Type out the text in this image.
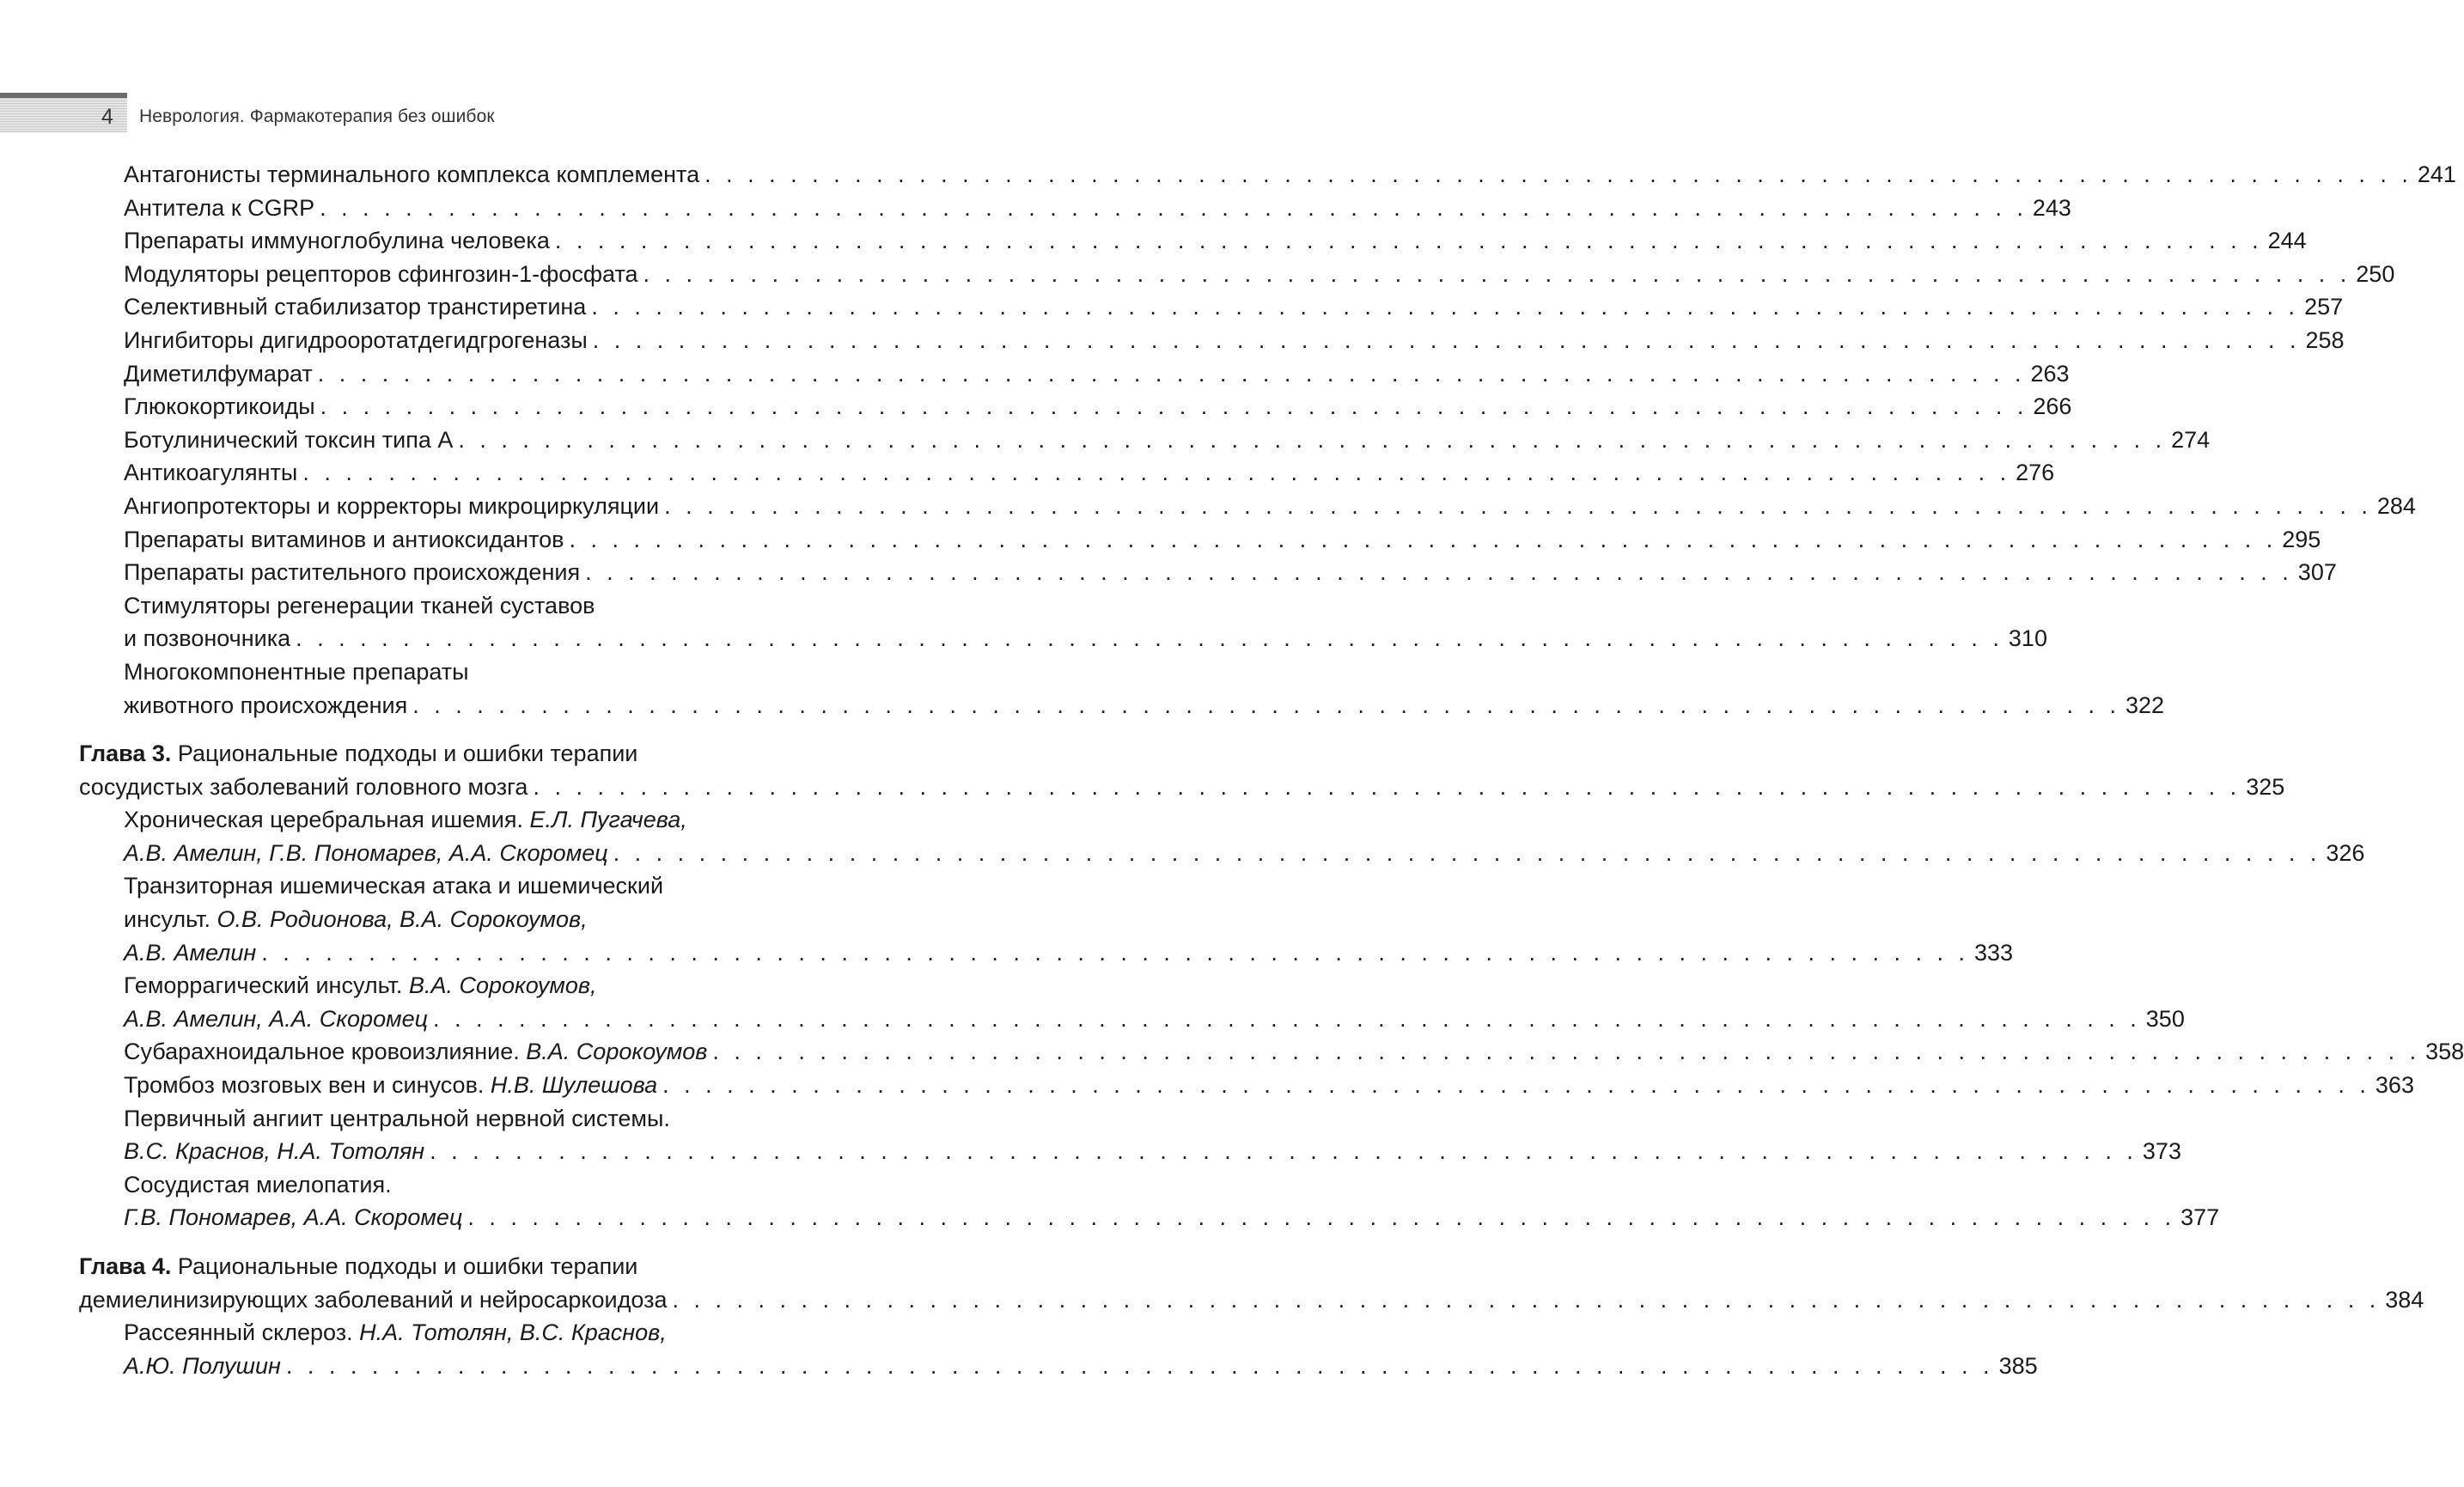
4 Неврология. Фармакотерапия без ошибок
Антагонисты терминального комплекса комплемента . . . . . . . . . . . . . . . . . . . . . . . . . . . . . . . . . . . . . . . . . . . . . . . . . . . . . . . . . . . . . . . . . . . . . . . . . . . . . . . . 241
Антитела к CGRP . . . . . . . . . . . . . . . . . . . . . . . . . . . . . . . . . . . . . . . . . . . . . . . . . . . . . . . . . . . . . . . . . . . . . . . . . . . . . . . . 243
Препараты иммуноглобулина человека . . . . . . . . . . . . . . . . . . . . . . . . . . . . . . . . . . . . . . . . . . . . . . . . . . . . . . . . . . . . . . . . . . . . . . . . . . . . . . . . 244
Модуляторы рецепторов сфингозин-1-фосфата . . . . . . . . . . . . . . . . . . . . . . . . . . . . . . . . . . . . . . . . . . . . . . . . . . . . . . . . . . . . . . . . . . . . . . . . . . . . . . . . 250
Селективный стабилизатор транстиретина . . . . . . . . . . . . . . . . . . . . . . . . . . . . . . . . . . . . . . . . . . . . . . . . . . . . . . . . . . . . . . . . . . . . . . . . . . . . . . . . 257
Ингибиторы дигидрооротатдегидгрогеназы . . . . . . . . . . . . . . . . . . . . . . . . . . . . . . . . . . . . . . . . . . . . . . . . . . . . . . . . . . . . . . . . . . . . . . . . . . . . . . . . 258
Диметилфумарат . . . . . . . . . . . . . . . . . . . . . . . . . . . . . . . . . . . . . . . . . . . . . . . . . . . . . . . . . . . . . . . . . . . . . . . . . . . . . . . . 263
Глюкокортикоиды . . . . . . . . . . . . . . . . . . . . . . . . . . . . . . . . . . . . . . . . . . . . . . . . . . . . . . . . . . . . . . . . . . . . . . . . . . . . . . . . 266
Ботулинический токсин типа А . . . . . . . . . . . . . . . . . . . . . . . . . . . . . . . . . . . . . . . . . . . . . . . . . . . . . . . . . . . . . . . . . . . . . . . . . . . . . . . . 274
Антикоагулянты . . . . . . . . . . . . . . . . . . . . . . . . . . . . . . . . . . . . . . . . . . . . . . . . . . . . . . . . . . . . . . . . . . . . . . . . . . . . . . . . 276
Ангиопротекторы и корректоры микроциркуляции . . . . . . . . . . . . . . . . . . . . . . . . . . . . . . . . . . . . . . . . . . . . . . . . . . . . . . . . . . . . . . . . . . . . . . . . . . . . . . . . 284
Препараты витаминов и антиоксидантов . . . . . . . . . . . . . . . . . . . . . . . . . . . . . . . . . . . . . . . . . . . . . . . . . . . . . . . . . . . . . . . . . . . . . . . . . . . . . . . . 295
Препараты растительного происхождения . . . . . . . . . . . . . . . . . . . . . . . . . . . . . . . . . . . . . . . . . . . . . . . . . . . . . . . . . . . . . . . . . . . . . . . . . . . . . . . . 307
Стимуляторы регенерации тканей суставов
и позвоночника . . . . . . . . . . . . . . . . . . . . . . . . . . . . . . . . . . . . . . . . . . . . . . . . . . . . . . . . . . . . . . . . . . . . . . . . . . . . . . . . 310
Многокомпонентные препараты
животного происхождения . . . . . . . . . . . . . . . . . . . . . . . . . . . . . . . . . . . . . . . . . . . . . . . . . . . . . . . . . . . . . . . . . . . . . . . . . . . . . . . . 322
Глава 3. Рациональные подходы и ошибки терапии
сосудистых заболеваний головного мозга . . . . . . . . . . . . . . . . . . . . . . . . . . . . . . . . . . . . . . . . . . . . . . . . . . . . . . . . . . . . . . . . . . . . . . . . . . . . . . . . 325
Хроническая церебральная ишемия. Е.Л. Пугачева,
А.В. Амелин, Г.В. Пономарев, А.А. Скоромец . . . . . . . . . . . . . . . . . . . . . . . . . . . . . . . . . . . . . . . . . . . . . . . . . . . . . . . . . . . . . . . . . . . . . . . . . . . . . . . . 326
Транзиторная ишемическая атака и ишемический
инсульт. О.В. Родионова, В.А. Сорокоумов,
А.В. Амелин . . . . . . . . . . . . . . . . . . . . . . . . . . . . . . . . . . . . . . . . . . . . . . . . . . . . . . . . . . . . . . . . . . . . . . . . . . . . . . . . 333
Геморрагический инсульт. В.А. Сорокоумов,
А.В. Амелин, А.А. Скоромец . . . . . . . . . . . . . . . . . . . . . . . . . . . . . . . . . . . . . . . . . . . . . . . . . . . . . . . . . . . . . . . . . . . . . . . . . . . . . . . . 350
Субарахноидальное кровоизлияние. В.А. Сорокоумов . . . . . . . . . . . . . . . . . . . . . . . . . . . . . . . . . . . . . . . . . . . . . . . . . . . . . . . . . . . . . . . . . . . . . . . . . . . . . . . . 358
Тромбоз мозговых вен и синусов. Н.В. Шулешова . . . . . . . . . . . . . . . . . . . . . . . . . . . . . . . . . . . . . . . . . . . . . . . . . . . . . . . . . . . . . . . . . . . . . . . . . . . . . . . . 363
Первичный ангиит центральной нервной системы.
В.С. Краснов, Н.А. Тотолян . . . . . . . . . . . . . . . . . . . . . . . . . . . . . . . . . . . . . . . . . . . . . . . . . . . . . . . . . . . . . . . . . . . . . . . . . . . . . . . . 373
Сосудистая миелопатия.
Г.В. Пономарев, А.А. Скоромец . . . . . . . . . . . . . . . . . . . . . . . . . . . . . . . . . . . . . . . . . . . . . . . . . . . . . . . . . . . . . . . . . . . . . . . . . . . . . . . . 377
Глава 4. Рациональные подходы и ошибки терапии
демиелинизирующих заболеваний и нейросаркоидоза . . . . . . . . . . . . . . . . . . . . . . . . . . . . . . . . . . . . . . . . . . . . . . . . . . . . . . . . . . . . . . . . . . . . . . . . . . . . . . . . 384
Рассеянный склероз. Н.А. Тотолян, В.С. Краснов,
А.Ю. Полушин . . . . . . . . . . . . . . . . . . . . . . . . . . . . . . . . . . . . . . . . . . . . . . . . . . . . . . . . . . . . . . . . . . . . . . . . . . . . . . . . 385
